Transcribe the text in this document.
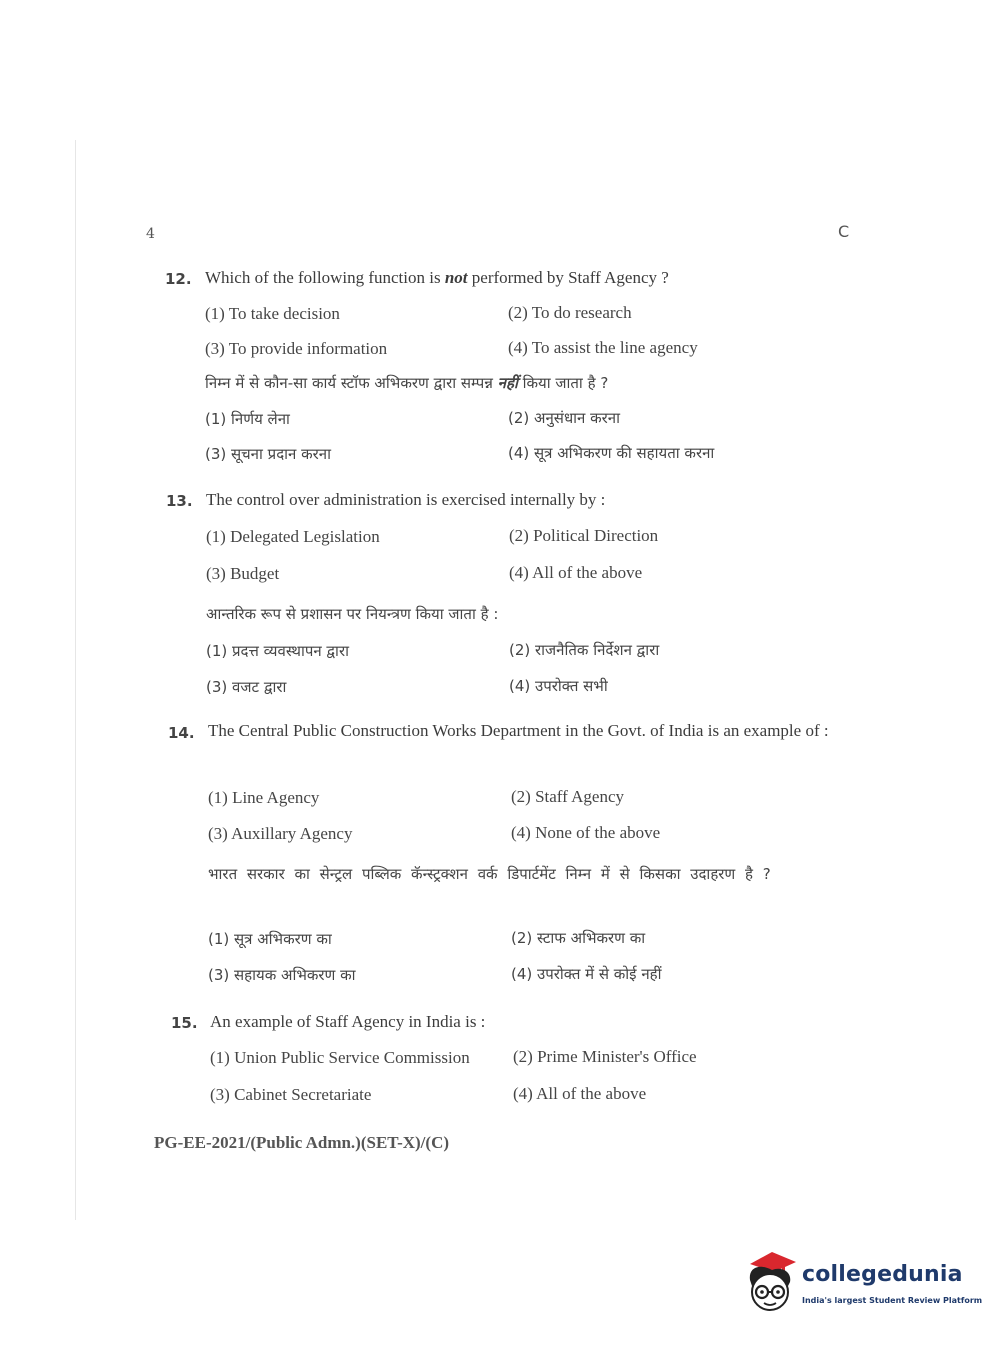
4	C
12. Which of the following function is not performed by Staff Agency ?
(1) To take decision	(2) To do research
(3) To provide information	(4) To assist the line agency
निम्न में से कौन-सा कार्य स्टॉफ अभिकरण द्वारा सम्पन्न नहीं किया जाता है ?
(1) निर्णय लेना	(2) अनुसंधान करना
(3) सूचना प्रदान करना	(4) सूत्र अभिकरण की सहायता करना
13. The control over administration is exercised internally by :
(1) Delegated Legislation	(2) Political Direction
(3) Budget	(4) All of the above
आन्तरिक रूप से प्रशासन पर नियन्त्रण किया जाता है :
(1) प्रदत्त व्यवस्थापन द्वारा	(2) राजनैतिक निर्देशन द्वारा
(3) वजट द्वारा	(4) उपरोक्त सभी
14. The Central Public Construction Works Department in the Govt. of India is an example of :
(1) Line Agency	(2) Staff Agency
(3) Auxillary Agency	(4) None of the above
भारत सरकार का सेन्ट्रल पब्लिक कॅन्स्ट्रक्शन वर्क डिपार्टमेंट निम्न में से किसका उदाहरण है ?
(1) सूत्र अभिकरण का	(2) स्टाफ अभिकरण का
(3) सहायक अभिकरण का	(4) उपरोक्त में से कोई नहीं
15. An example of Staff Agency in India is :
(1) Union Public Service Commission	(2) Prime Minister's Office
(3) Cabinet Secretariate	(4) All of the above
PG-EE-2021/(Public Admn.)(SET-X)/(C)
collegedunia
India's largest Student Review Platform
